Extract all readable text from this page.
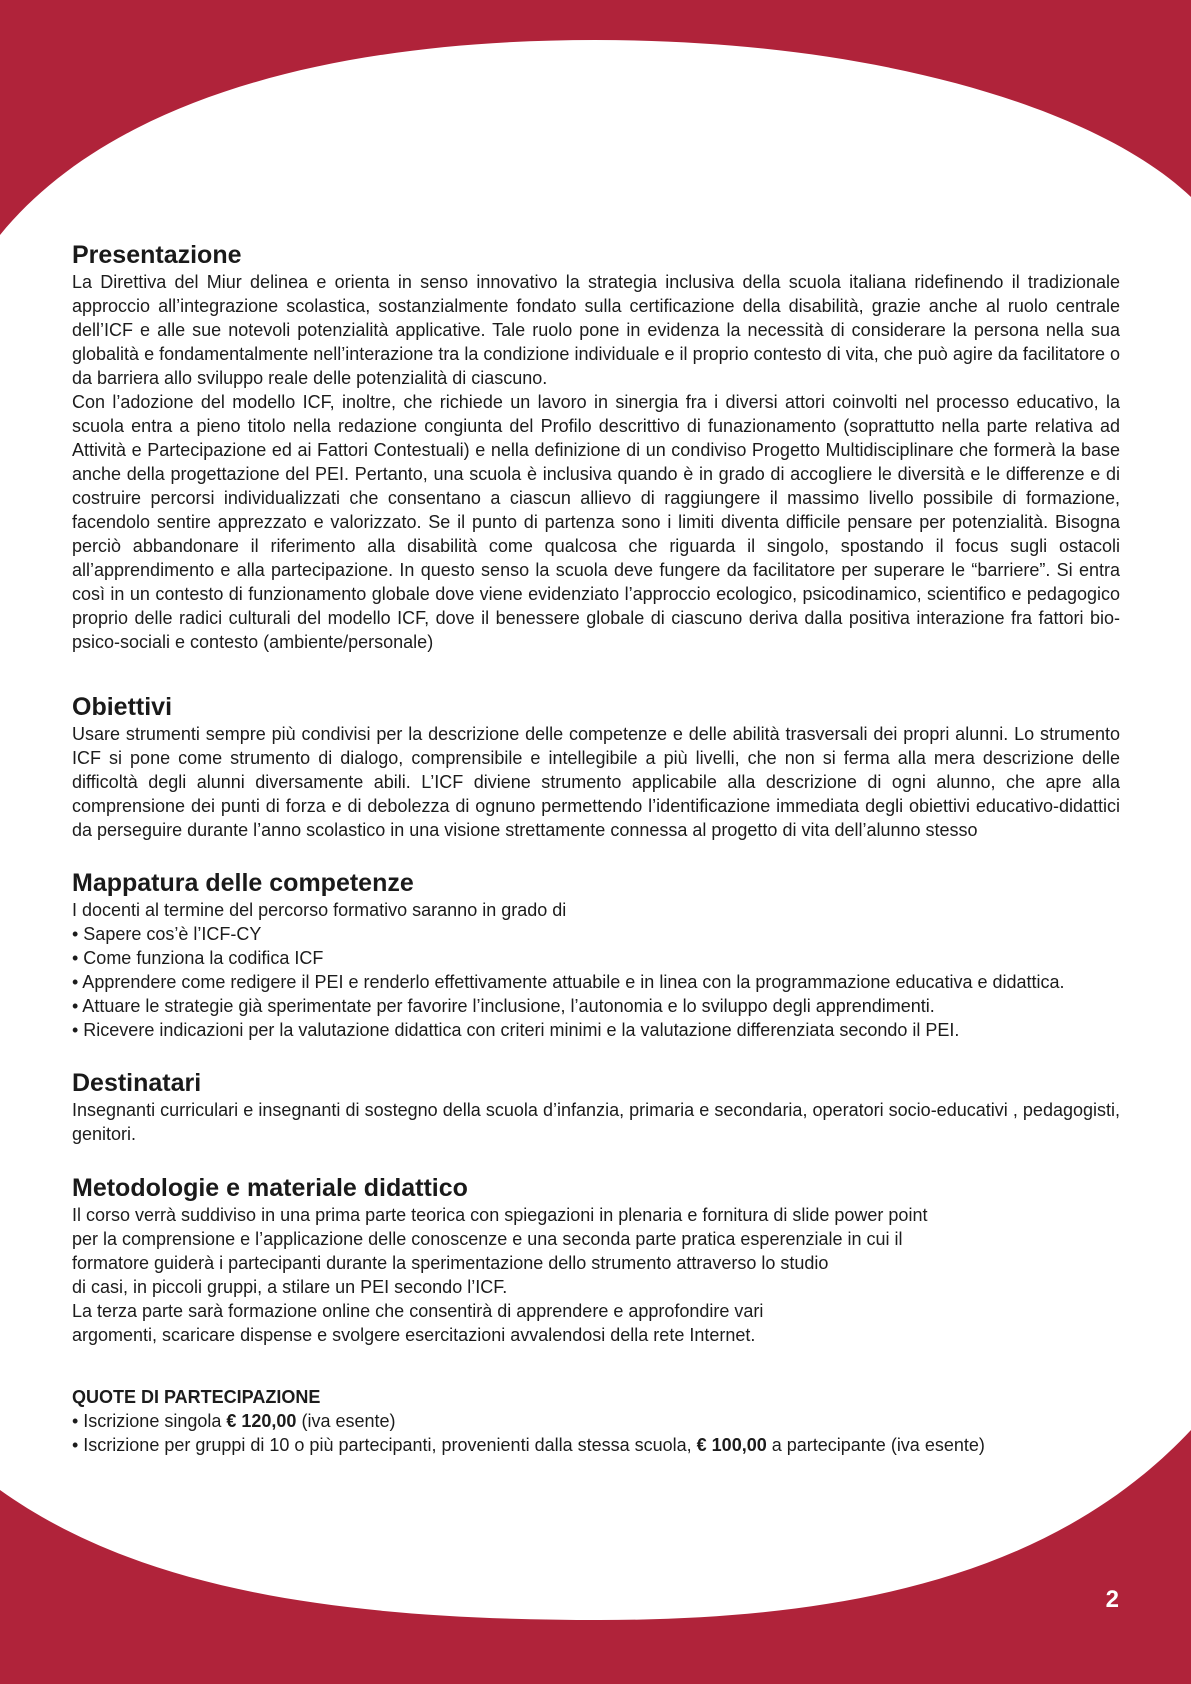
Presentazione

La Direttiva del Miur delinea e orienta in senso innovativo la strategia inclusiva della scuola italiana ridefinendo il tradizionale approccio all’integrazione scolastica, sostanzialmente fondato sulla certificazione della disabilità, grazie anche al ruolo centrale dell’ICF e alle sue notevoli potenzialità applicative. Tale ruolo pone in evidenza la necessità di considerare la persona nella sua globalità e fondamentalmente nell’interazione tra la condizione individuale e il proprio contesto di vita, che può agire da facilitatore o da barriera allo sviluppo reale delle potenzialità di ciascuno.

Con l’adozione del modello ICF, inoltre, che richiede un lavoro in sinergia fra i diversi attori coinvolti nel processo educativo, la scuola entra a pieno titolo nella redazione congiunta del Profilo descrittivo di funazionamento (soprattutto nella parte relativa ad Attività e Partecipazione ed ai Fattori Contestuali) e nella definizione di un condiviso Progetto Multidisciplinare che formerà la base anche della progettazione del PEI. Pertanto, una scuola è inclusiva quando è in grado di accogliere le diversità e le differenze e di costruire percorsi individualizzati che consentano a ciascun allievo di raggiungere il massimo livello possibile di formazione, facendolo sentire apprezzato e valorizzato. Se il punto di partenza sono i limiti diventa difficile pensare per potenzialità. Bisogna perciò abbandonare il riferimento alla disabilità come qualcosa che riguarda il singolo, spostando il focus sugli ostacoli all’apprendimento e alla partecipazione. In questo senso la scuola deve fungere da facilitatore per superare le “barriere”. Si entra così in un contesto di funzionamento globale dove viene evidenziato l’approccio ecologico, psicodinamico, scientifico e pedagogico proprio delle radici culturali del modello ICF, dove il benessere globale di ciascuno deriva dalla positiva interazione fra fattori bio-psico-sociali e contesto (ambiente/personale)

Obiettivi

Usare strumenti sempre più condivisi per la descrizione delle competenze e delle abilità trasversali dei propri alunni. Lo strumento ICF si pone come strumento di dialogo, comprensibile e intellegibile a più livelli, che non si ferma alla mera descrizione delle difficoltà degli alunni diversamente abili. L’ICF diviene strumento applicabile alla descrizione di ogni alunno, che apre alla comprensione dei punti di forza e di debolezza di ognuno permettendo l’identificazione immediata degli obiettivi educativo-didattici da perseguire durante l’anno scolastico in una visione strettamente connessa al progetto di vita dell’alunno stesso

Mappatura delle competenze

I docenti al termine del percorso formativo saranno in grado di

• Sapere cos’è l’ICF-CY
• Come funziona la codifica ICF
• Apprendere come redigere il PEI e renderlo effettivamente attuabile e in linea con la programmazione educativa e didattica.
• Attuare le strategie già sperimentate per favorire l’inclusione, l’autonomia e lo sviluppo degli apprendimenti.
• Ricevere indicazioni per la valutazione didattica con criteri minimi e la valutazione differenziata secondo il PEI.
Destinatari

Insegnanti curriculari e insegnanti di sostegno della scuola d’infanzia, primaria e secondaria, operatori socio-educativi , pedagogisti, genitori.

Metodologie e materiale didattico

Il corso verrà suddiviso in una prima parte teorica con spiegazioni in plenaria e fornitura di slide power point

per la comprensione e l’applicazione delle conoscenze e una seconda parte pratica esperenziale in cui il

formatore guiderà i partecipanti durante la sperimentazione dello strumento attraverso lo studio

di casi, in piccoli gruppi, a stilare un PEI secondo l’ICF.

La terza parte sarà formazione online che consentirà di apprendere e approfondire vari

argomenti, scaricare dispense e svolgere esercitazioni avvalendosi della rete Internet.

QUOTE DI PARTECIPAZIONE

• Iscrizione singola € 120,00 (iva esente)

• Iscrizione per gruppi di 10 o più partecipanti, provenienti dalla stessa scuola, € 100,00 a partecipante (iva esente)

2
